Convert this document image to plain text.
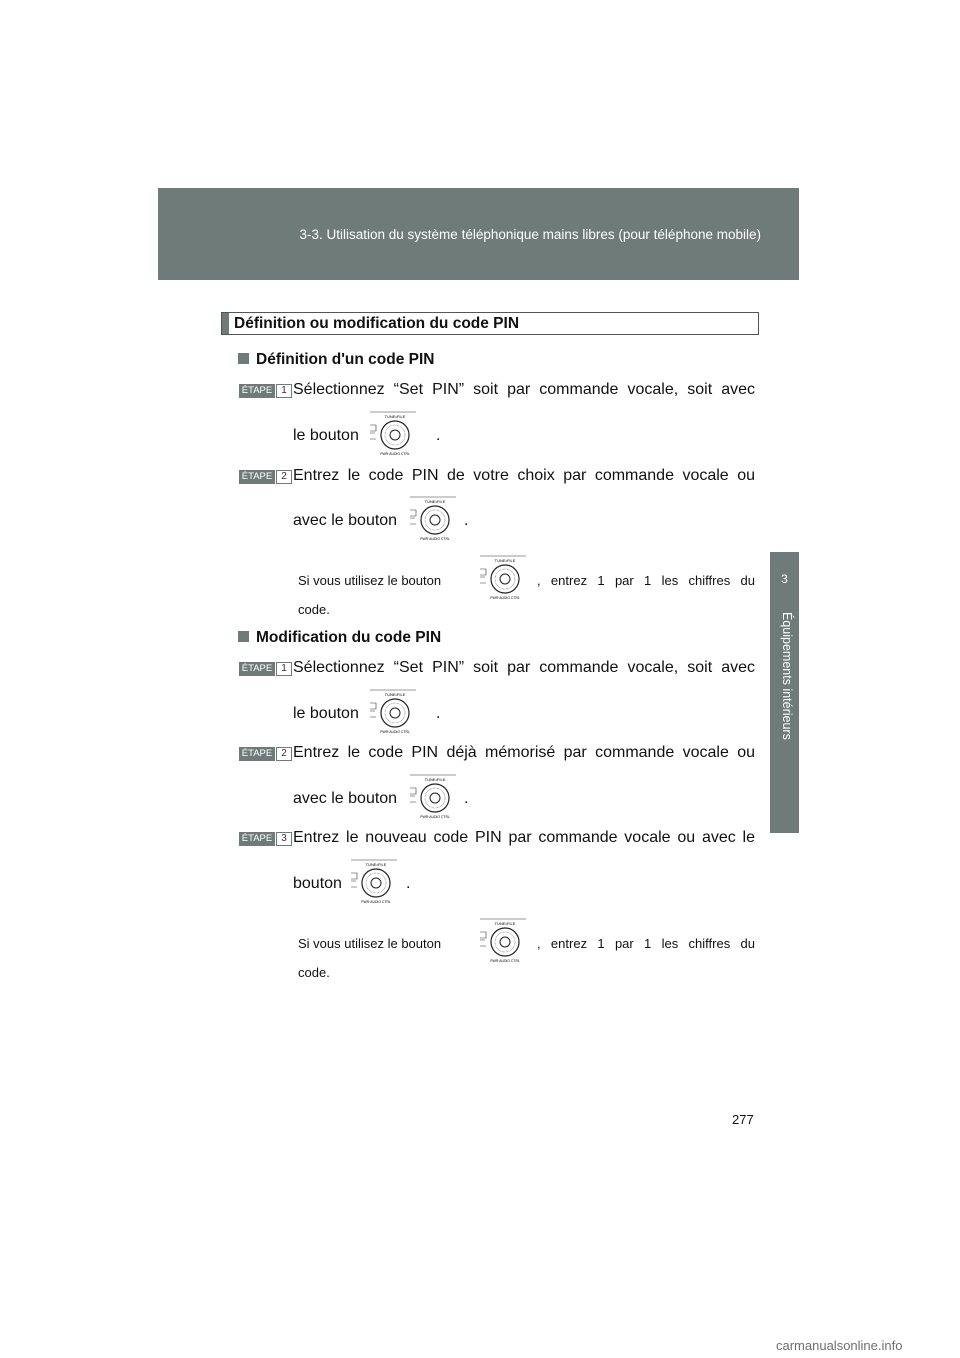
3-3. Utilisation du système téléphonique mains libres (pour téléphone mobile)
3
Équipements intérieurs
Définition ou modification du code PIN
Définition d'un code PIN
ÉTAPE 1 Sélectionnez “Set PIN” soit par commande vocale, soit avec
le bouton
TUNE•FILE
PWR·AUDIO CTRL
.
ÉTAPE 2 Entrez le code PIN de votre choix par commande vocale ou
avec le bouton
TUNE•FILE
PWR·AUDIO CTRL
.
Si vous utilisez le bouton
TUNE•FILE
PWR·AUDIO CTRL
, entrez 1 par 1 les chiffres du
code.
Modification du code PIN
ÉTAPE 1 Sélectionnez “Set PIN” soit par commande vocale, soit avec
le bouton
TUNE•FILE
PWR·AUDIO CTRL
.
ÉTAPE 2 Entrez le code PIN déjà mémorisé par commande vocale ou
avec le bouton
TUNE•FILE
PWR·AUDIO CTRL
.
ÉTAPE 3 Entrez le nouveau code PIN par commande vocale ou avec le
bouton
TUNE•FILE
PWR·AUDIO CTRL
.
Si vous utilisez le bouton
TUNE•FILE
PWR·AUDIO CTRL
, entrez 1 par 1 les chiffres du
code.
277
carmanualsonline.info
